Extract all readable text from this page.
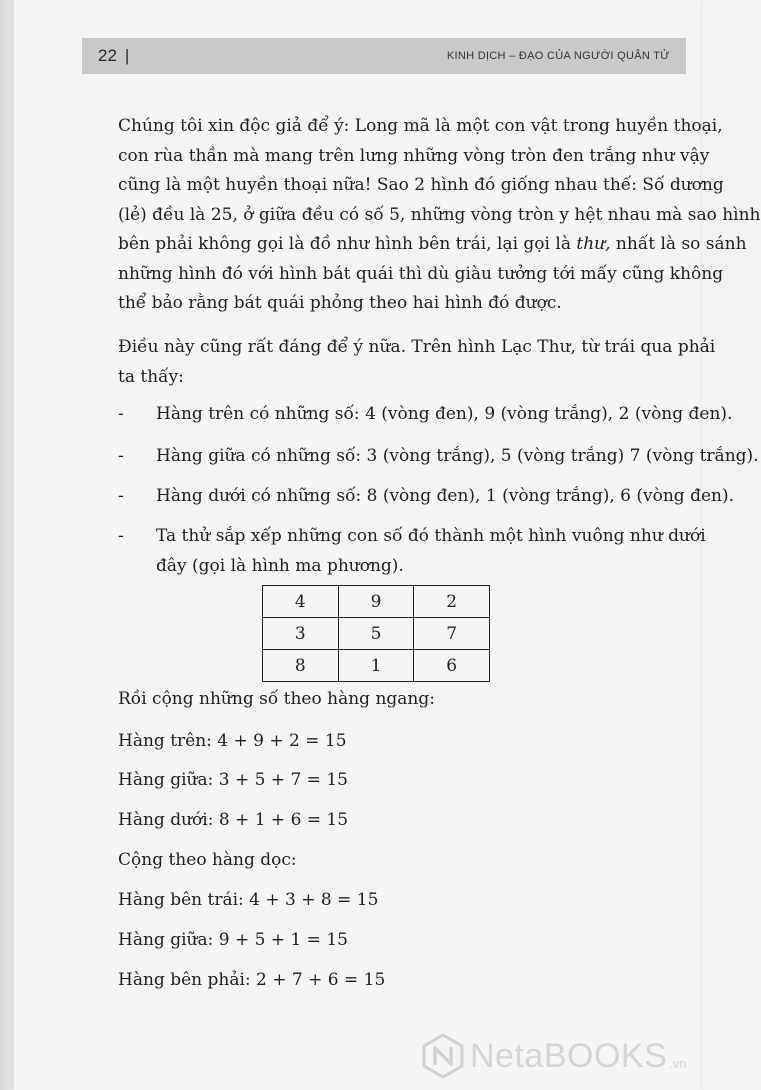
22 |	KINH DỊCH – ĐẠO CỦA NGƯỜI QUÂN TỬ

Chúng tôi xin độc giả để ý: Long mã là một con vật trong huyền thoại,
con rùa thần mà mang trên lưng những vòng tròn đen trắng như vậy
cũng là một huyền thoại nữa! Sao 2 hình đó giống nhau thế: Số dương
(lẻ) đều là 25, ở giữa đều có số 5, những vòng tròn y hệt nhau mà sao hình
bên phải không gọi là đồ như hình bên trái, lại gọi là thư, nhất là so sánh
những hình đó với hình bát quái thì dù giàu tưởng tới mấy cũng không
thể bảo rằng bát quái phỏng theo hai hình đó được.

Điều này cũng rất đáng để ý nữa. Trên hình Lạc Thư, từ trái qua phải
ta thấy:

- Hàng trên có những số: 4 (vòng đen), 9 (vòng trắng), 2 (vòng đen).
- Hàng giữa có những số: 3 (vòng trắng), 5 (vòng trắng) 7 (vòng trắng).
- Hàng dưới có những số: 8 (vòng đen), 1 (vòng trắng), 6 (vòng đen).
- Ta thử sắp xếp những con số đó thành một hình vuông như dưới
đây (gọi là hình ma phương).
4	9	2
3	5	7
8	1	6
Rồi cộng những số theo hàng ngang:
Hàng trên: 4 + 9 + 2 = 15
Hàng giữa: 3 + 5 + 7 = 15
Hàng dưới: 8 + 1 + 6 = 15
Cộng theo hàng dọc:
Hàng bên trái: 4 + 3 + 8 = 15
Hàng giữa: 9 + 5 + 1 = 15
Hàng bên phải: 2 + 7 + 6 = 15
NetaBOOKS .vn
